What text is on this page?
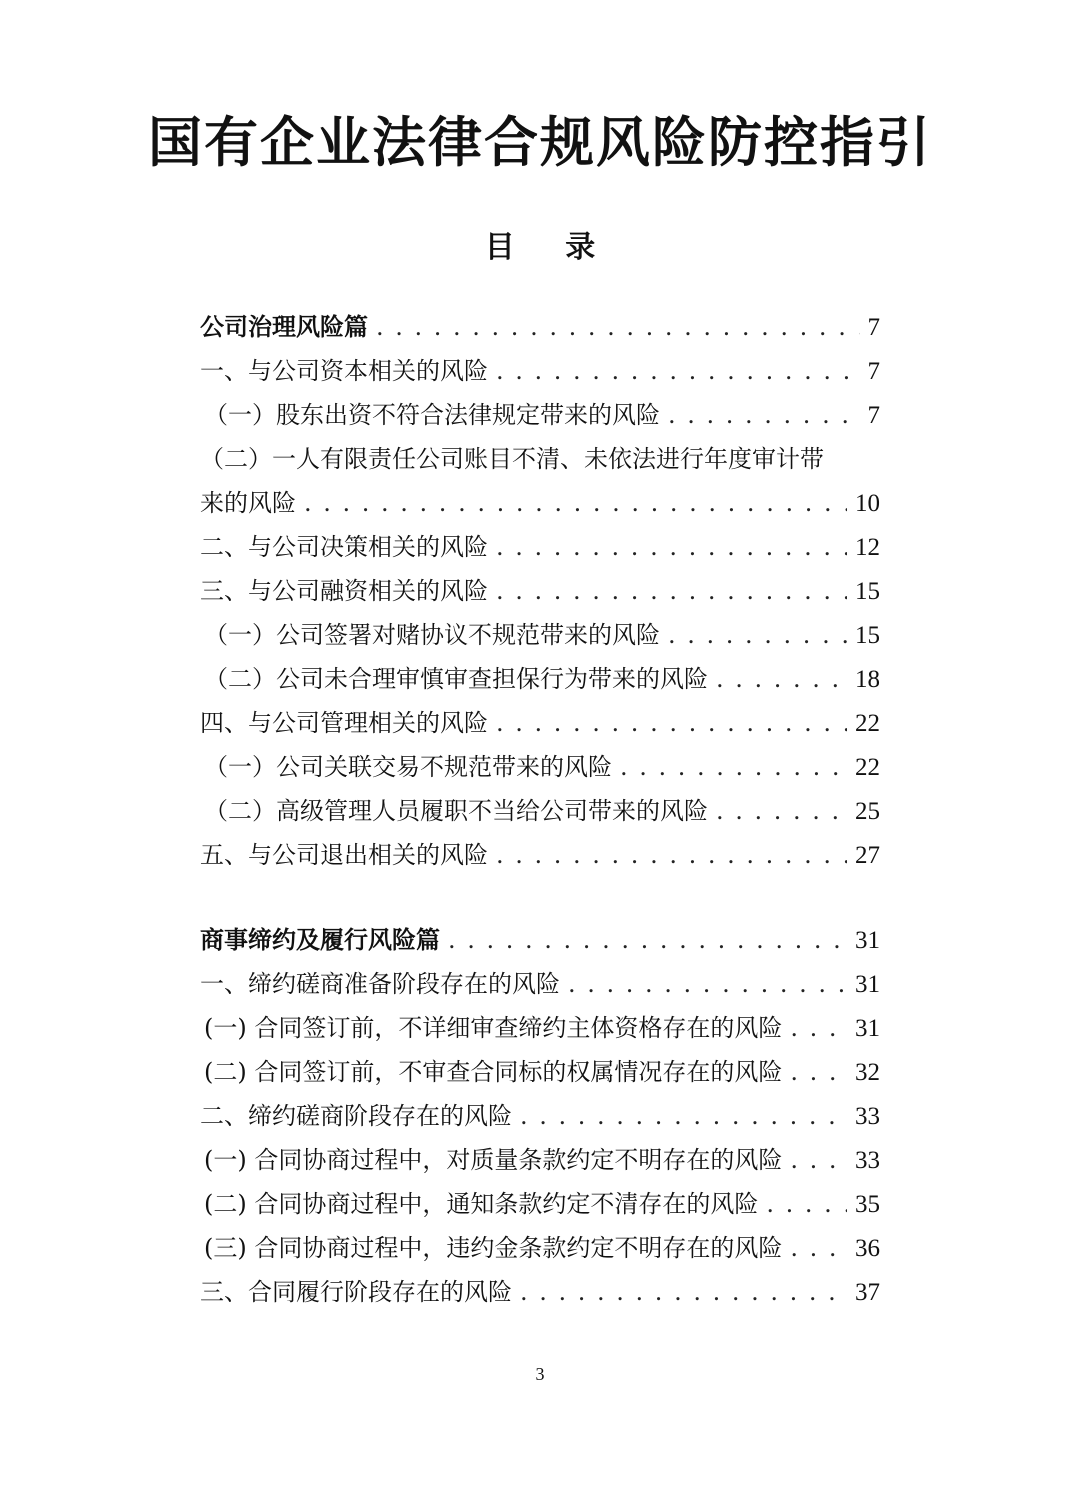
国有企业法律合规风险防控指引
目 录
公司治理风险篇 . . .	7
一、与公司资本相关的风险 . . .	7
（一）股东出资不符合法律规定带来的风险 . . .	7
（二）一人有限责任公司账目不清、未依法进行年度审计带
来的风险 . . .	10
二、与公司决策相关的风险 . . .	12
三、与公司融资相关的风险 . . .	15
（一）公司签署对赌协议不规范带来的风险 . . .	15
（二）公司未合理审慎审查担保行为带来的风险 . . .	18
四、与公司管理相关的风险 . . .	22
（一）公司关联交易不规范带来的风险 . . .	22
（二）高级管理人员履职不当给公司带来的风险 . . .	25
五、与公司退出相关的风险 . . .	27
商事缔约及履行风险篇 . . .	31
一、缔约磋商准备阶段存在的风险 . . .	31
(一) 合同签订前，不详细审查缔约主体资格存在的风险 . . .	31
(二) 合同签订前，不审查合同标的权属情况存在的风险 . . .	32
二、缔约磋商阶段存在的风险 . . .	33
(一) 合同协商过程中，对质量条款约定不明存在的风险 . . .	33
(二) 合同协商过程中，通知条款约定不清存在的风险 . . .	35
(三) 合同协商过程中，违约金条款约定不明存在的风险 . . .	36
三、合同履行阶段存在的风险 . . .	37
3
